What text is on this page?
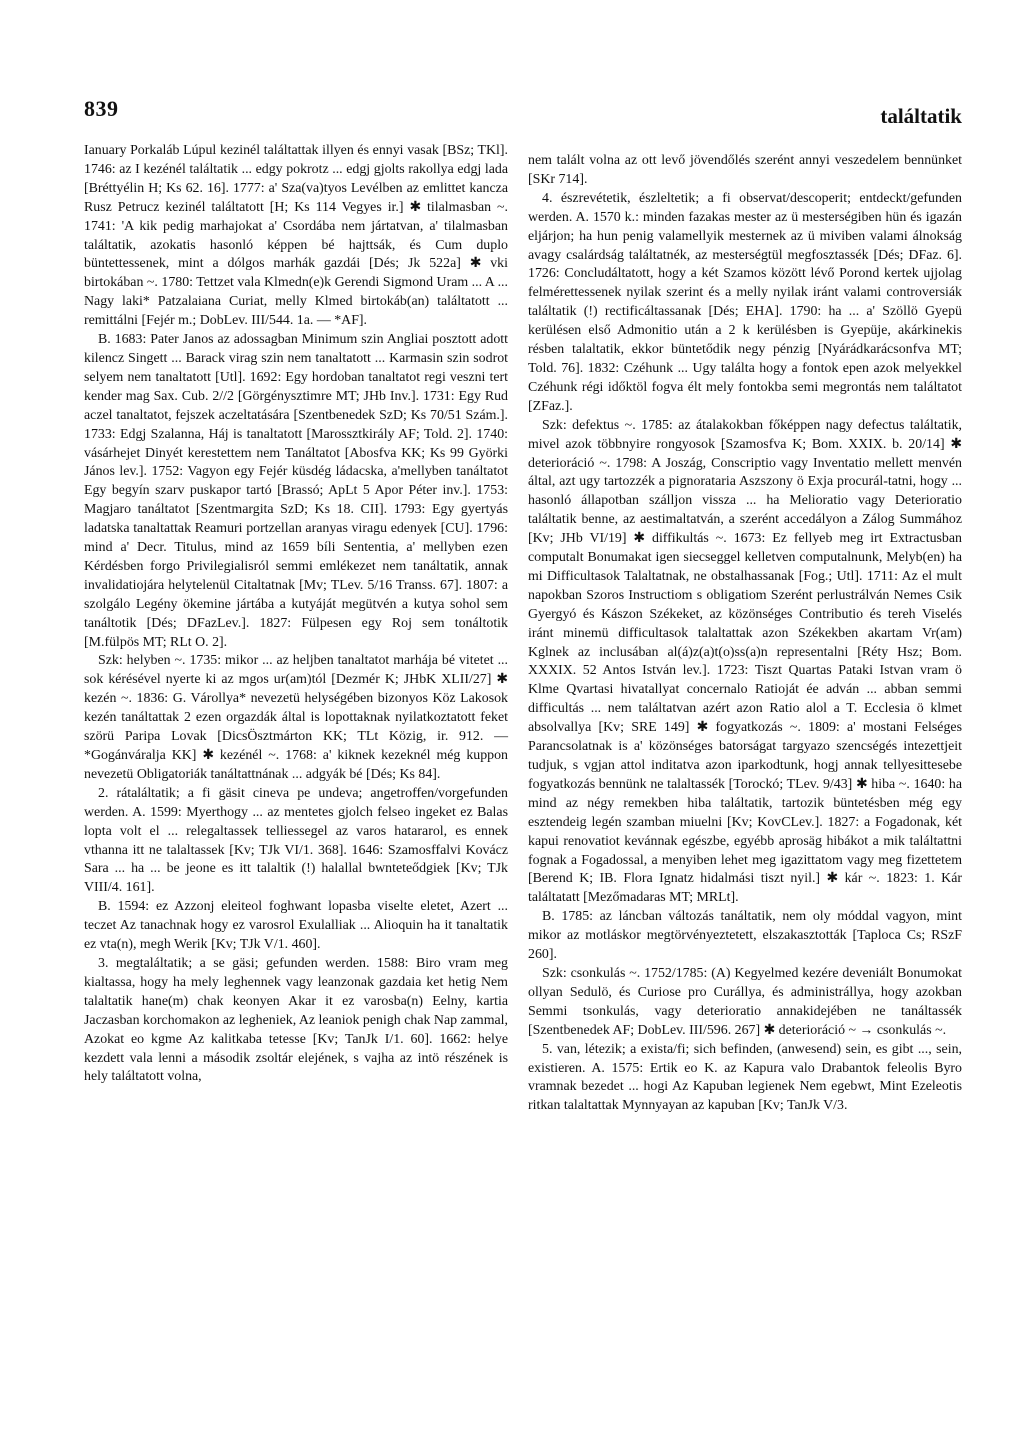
839	találtatik

Ianuary Porkaláb Lúpul kezinél találtattak illyen és ennyi vasak [BSz; TKl]. 1746: az I kezénél találtatik ... edgy pokrotz ... edgj gjolts rakollya edgj lada [Bréttyélin H; Ks 62. 16]. 1777: a' Sza(va)tyos Levélben az emlittet kancza Rusz Petrucz kezinél találtatott [H; Ks 114 Vegyes ir.] ✱ tilalmasban ~. 1741: 'A kik pedig marhajokat a' Csordába nem jártatvan, a' tilalmasban találtatik, azokatis hasonló képpen bé hajttsák, és Cum duplo büntettessenek, mint a dólgos marhák gazdái [Dés; Jk 522a] ✱ vki birtokában ~. 1780: Tettzet vala Klmedn(e)k Gerendi Sigmond Uram ... A ... Nagy laki* Patzalaiana Curiat, melly Klmed birtokáb(an) találtatott ... remittálni [Fejér m.; DobLev. III/544. 1a. — *AF].

B. 1683: Pater Janos az adossagban Minimum szin Angliai posztott adott kilencz Singett ... Barack virag szin nem tanaltatott ... Karmasin szin sodrot selyem nem tanaltatott [Utl]. 1692: Egy hordoban tanaltatot regi veszni tert kender mag Sax. Cub. 2//2 [Görgénysztimre MT; JHb Inv.]. 1731: Egy Rud aczel tanaltatot, fejszek aczeltatására [Szentbenedek SzD; Ks 70/51 Szám.]. 1733: Edgj Szalanna, Háj is tanaltatott [Marossztkirály AF; Told. 2]. 1740: vásárhejet Dinyét kerestettem nem Tanáltatot [Abosfva KK; Ks 99 Györki János lev.]. 1752: Vagyon egy Fejér küsdég ládacska, a'mellyben tanáltatot Egy begyín szarv puskapor tartó [Brassó; ApLt 5 Apor Péter inv.]. 1753: Magjaro tanáltatot [Szentmargita SzD; Ks 18. CII]. 1793: Egy gyertyás ladatska tanaltattak Reamuri portzellan aranyas viragu edenyek [CU]. 1796: mind a' Decr. Titulus, mind az 1659 bíli Sententia, a' mellyben ezen Kérdésben forgo Privilegialisról semmi emlékezet nem tanáltatik, annak invalidatiojára helytelenül Citaltatnak [Mv; TLev. 5/16 Transs. 67]. 1807: a szolgálo Legény ökemine jártába a kutyáját megütvén a kutya sohol sem tanáltotik [Dés; DFazLev.]. 1827: Fülpesen egy Roj sem tonáltotik [M.fülpös MT; RLt O. 2].

Szk: helyben ~. 1735: mikor ... az heljben tanaltatot marhája bé vitetet ... sok kérésével nyerte ki az mgos ur(am)tól [Dezmér K; JHbK XLII/27] ✱ kezén ~. 1836: G. Várollya* nevezetü helységében bizonyos Köz Lakosok kezén tanáltattak 2 ezen orgazdák által is lopottaknak nyilatkoztatott feket szörü Paripa Lovak [DicsÖsztmárton KK; TLt Közig, ir. 912. — *Gogánváralja KK] ✱ kezénél ~. 1768: a' kiknek kezeknél még kuppon nevezetü Obligatoriák tanáltattnának ... adgyák bé [Dés; Ks 84].

2. rátaláltatik; a fi gäsit cineva pe undeva; angetroffen/vorgefunden werden. A. 1599: Myerthogy ... az mentetes gjolch felseo ingeket ez Balas lopta volt el ... relegaltassek telliessegel az varos hatararol, es ennek vthanna itt ne talaltassek [Kv; TJk VI/1. 368]. 1646: Szamosffalvi Kovácz Sara ... ha ... be jeone es itt talaltik (!) halallal bwnteteődgiek [Kv; TJk VIII/4. 161].

B. 1594: ez Azzonj eleiteol foghwant lopasba viselte eletet, Azert ... teczet Az tanachnak hogy ez varosrol Exulalliak ... Alioquin ha it tanaltatik ez vta(n), megh Werik [Kv; TJk V/1. 460].

3. megtaláltatik; a se gäsi; gefunden werden. 1588: Biro vram meg kialtassa, hogy ha mely leghennek vagy leanzonak gazdaia ket hetig Nem talaltatik hane(m) chak keonyen Akar it ez varosba(n) Eelny, kartia Jaczasban korchomakon az legheniek, Az leaniok penigh chak Nap zammal, Azokat eo kgme Az kalitkaba tetesse [Kv; TanJk I/1. 60]. 1662: helye kezdett vala lenni a második zsoltár elejének, s vajha az intö részének is hely találtatott volna,

nem talált volna az ott levő jövendőlés szerént annyi veszedelem bennünket [SKr 714].

4. észrevétetik, észleltetik; a fi observat/descoperit; entdeckt/gefunden werden. A. 1570 k.: minden fazakas mester az ü mesterségiben hün és igazán eljárjon; ha hun penig valamellyik mesternek az ü miviben valami álnokság avagy csalárdság találtatnék, az mesterségtül megfosztassék [Dés; DFaz. 6]. 1726: Concludáltatott, hogy a két Szamos között lévő Porond kertek ujjolag felmérettessenek nyilak szerint és a melly nyilak iránt valami controversiák találtatik (!) rectificáltassanak [Dés; EHA]. 1790: ha ... a' Szöllö Gyepü kerülésen első Admonitio után a 2 k kerülésben is Gyepüje, akárkinekis résben talaltatik, ekkor büntetődik negy pénzig [Nyárádkarácsonfva MT; Told. 76]. 1832: Czéhunk ... Ugy találta hogy a fontok epen azok melyekkel Czéhunk régi időktöl fogva élt mely fontokba semi megrontás nem találtatot [ZFaz.].

Szk: defektus ~. 1785: az átalakokban főképpen nagy defectus találtatik, mivel azok többnyire rongyosok [Szamosfva K; Bom. XXIX. b. 20/14] ✱ deterioráció ~. 1798: A Joszág, Conscriptio vagy Inventatio mellett menvén által, azt ugy tartozzék a pignorataria Aszszony ö Exja procurál-tatni, hogy ... hasonló állapotban szálljon vissza ... ha Melioratio vagy Deterioratio találtatik benne, az aestimaltatván, a szerént accedályon a Zálog Summához [Kv; JHb VI/19] ✱ diffikultás ~. 1673: Ez fellyeb meg irt Extractusban computalt Bonumakat igen siecseggel kelletven computalnunk, Melyb(en) ha mi Difficultasok Talaltatnak, ne obstalhassanak [Fog.; Utl]. 1711: Az el mult napokban Szoros Instructiom s obligatiom Szerént perlustrálván Nemes Csik Gyergyó és Kászon Székeket, az közönséges Contributio és tereh Viselés iránt minemü difficultasok talaltattak azon Székekben akartam Vr(am) Kglnek az inclusában al(á)z(a)t(o)ss(a)n representalni [Réty Hsz; Bom. XXXIX. 52 Antos István lev.]. 1723: Tiszt Quartas Pataki Istvan vram ö Klme Qvartasi hivatallyat concernalo Ratioját ée adván ... abban semmi difficultás ... nem találtatvan azért azon Ratio alol a T. Ecclesia ö klmet absolvallya [Kv; SRE 149] ✱ fogyatkozás ~. 1809: a' mostani Felséges Parancsolatnak is a' közönséges batorságat targyazo szencségés intezettjeit tudjuk, s vgjan attol inditatva azon iparkodtunk, hogj annak tellyesittesebe fogyatkozás bennünk ne talaltassék [Torockó; TLev. 9/43] ✱ hiba ~. 1640: ha mind az négy remekben hiba találtatik, tartozik büntetésben még egy esztendeig legén szamban miuelni [Kv; KovCLev.]. 1827: a Fogadonak, két kapui renovatiot kevánnak egészbe, egyébb aprosäg hibákot a mik találtattni fognak a Fogadossal, a menyiben lehet meg igazittatom vagy meg fizettetem [Berend K; IB. Flora Ignatz hidalmási tiszt nyil.] ✱ kár ~. 1823: 1. Kár találtatatt [Mezőmadaras MT; MRLt].

B. 1785: az láncban változás tanáltatik, nem oly móddal vagyon, mint mikor az motláskor megtörvényeztetett, elszakasztották [Taploca Cs; RSzF 260].

Szk: csonkulás ~. 1752/1785: (A) Kegyelmed kezére deveniált Bonumokat ollyan Sedulö, és Curiose pro Curállya, és administrállya, hogy azokban Semmi tsonkulás, vagy deterioratio annakidejében ne tanáltassék [Szentbenedek AF; DobLev. III/596. 267] ✱ deterioráció ~ → csonkulás ~.

5. van, létezik; a exista/fi; sich befinden, (anwesend) sein, es gibt ..., sein, existieren. A. 1575: Ertik eo K. az Kapura valo Drabantok feleolis Byro vramnak bezedet ... hogi Az Kapuban legienek Nem egebwt, Mint Ezeleotis ritkan talaltattak Mynnyayan az kapuban [Kv; TanJk V/3.
